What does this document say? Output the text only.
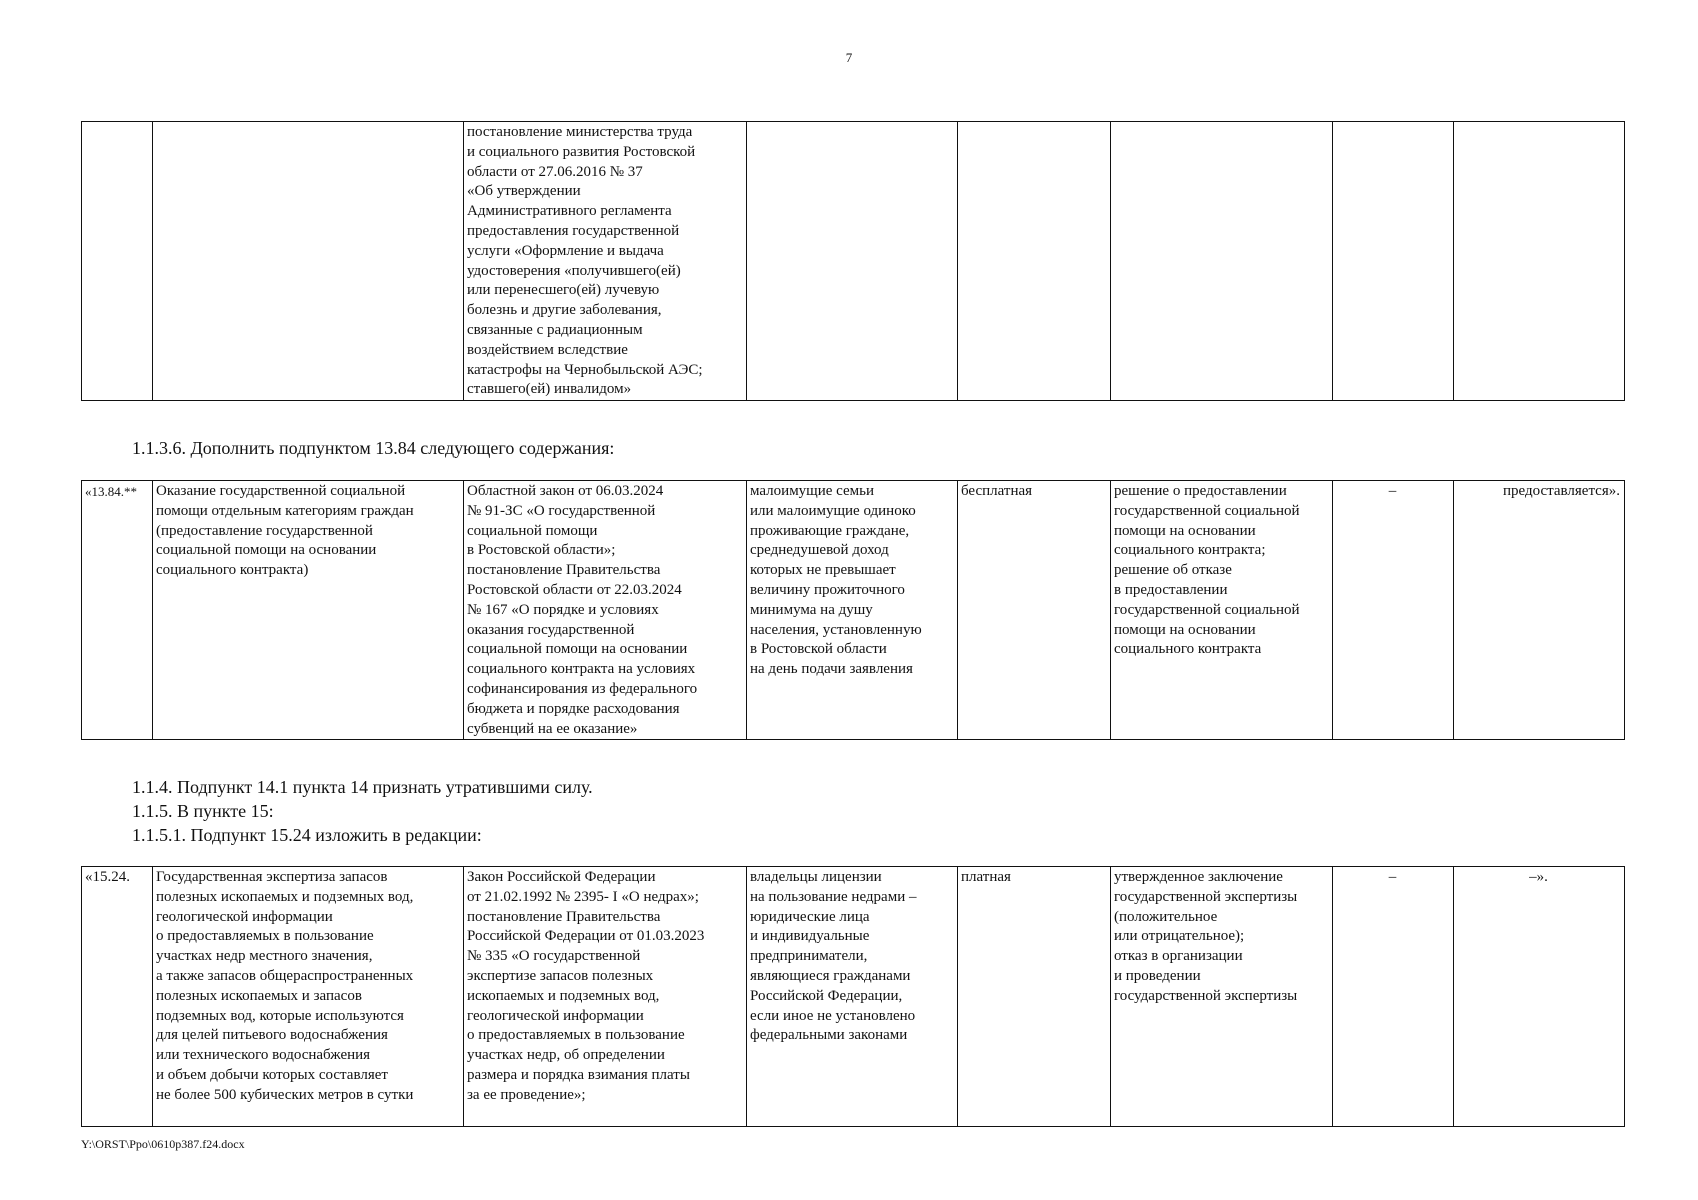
7
		постановление министерства труда
и социального развития Ростовской
области от 27.06.2016 № 37
«Об утверждении
Административного регламента
предоставления государственной
услуги «Оформление и выдача
удостоверения «получившего(ей)
или перенесшего(ей) лучевую
болезнь и другие заболевания,
связанные с радиационным
воздействием вследствие
катастрофы на Чернобыльской АЭС;
ставшего(ей) инвалидом»					

1.1.3.6. Дополнить подпунктом 13.84 следующего содержания:

«13.84.**	Оказание государственной социальной
помощи отдельным категориям граждан
(предоставление государственной
социальной помощи на основании
социального контракта)	Областной закон от 06.03.2024
№ 91-ЗС «О государственной
социальной помощи
в Ростовской области»;
постановление Правительства
Ростовской области от 22.03.2024
№ 167 «О порядке и условиях
оказания государственной
социальной помощи на основании
социального контракта на условиях
софинансирования из федерального
бюджета и порядке расходования
субвенций на ее оказание»	малоимущие семьи
или малоимущие одиноко
проживающие граждане,
среднедушевой доход
которых не превышает
величину прожиточного
минимума на душу
населения, установленную
в Ростовской области
на день подачи заявления	бесплатная	решение о предоставлении
государственной социальной
помощи на основании
социального контракта;
решение об отказе
в предоставлении
государственной социальной
помощи на основании
социального контракта	–	предоставляется».

1.1.4. Подпункт 14.1 пункта 14 признать утратившими силу.

1.1.5. В пункте 15:

1.1.5.1. Подпункт 15.24 изложить в редакции:

«15.24.	Государственная экспертиза запасов
полезных ископаемых и подземных вод,
геологической информации
о предоставляемых в пользование
участках недр местного значения,
а также запасов общераспространенных
полезных ископаемых и запасов
подземных вод, которые используются
для целей питьевого водоснабжения
или технического водоснабжения
и объем добычи которых составляет
не более 500 кубических метров в сутки	Закон Российской Федерации
от 21.02.1992 № 2395- I «О недрах»;
постановление Правительства
Российской Федерации от 01.03.2023
№ 335 «О государственной
экспертизе запасов полезных
ископаемых и подземных вод,
геологической информации
о предоставляемых в пользование
участках недр, об определении
размера и порядка взимания платы
за ее проведение»;	владельцы лицензии
на пользование недрами –
юридические лица
и индивидуальные
предприниматели,
являющиеся гражданами
Российской Федерации,
если иное не установлено
федеральными законами	платная	утвержденное заключение
государственной экспертизы
(положительное
или отрицательное);
отказ в организации
и проведении
государственной экспертизы	–	–».
Y:\ORST\Ppo\0610p387.f24.docx
